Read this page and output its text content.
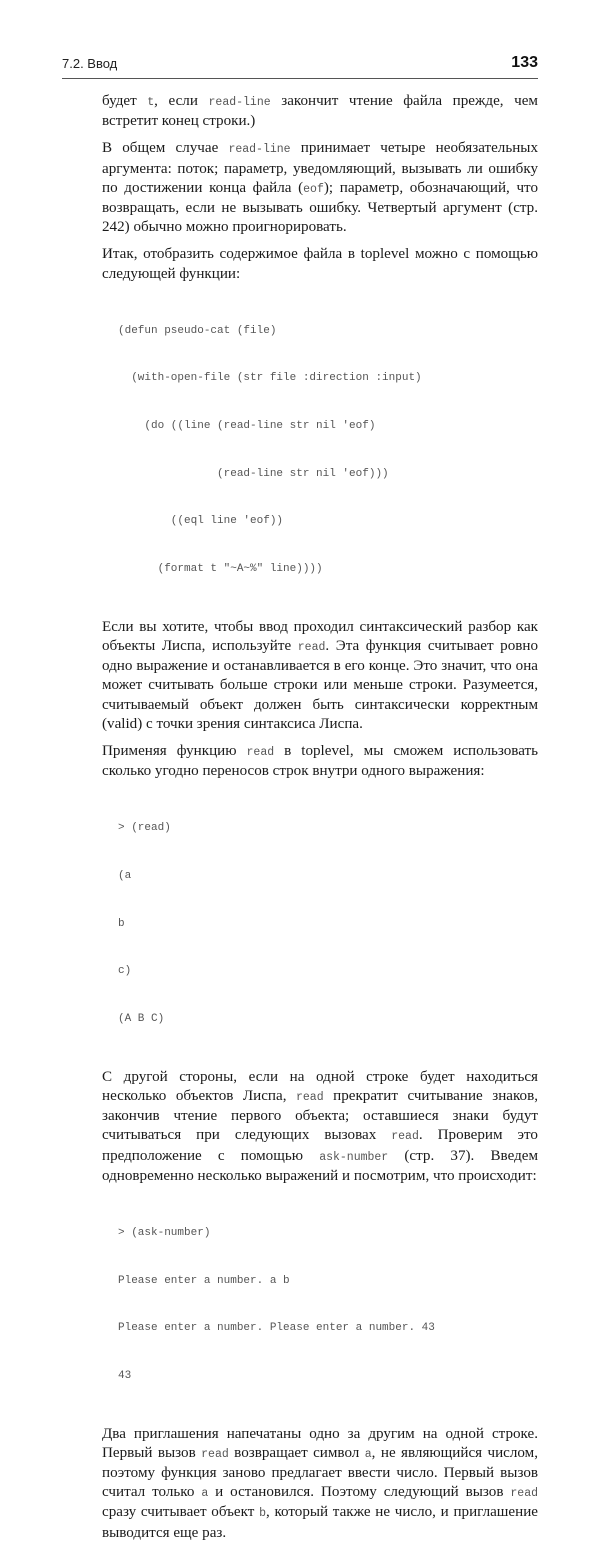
7.2. Ввод	133

будет t, если read-line закончит чтение файла прежде, чем встретит конец строки.)

В общем случае read-line принимает четыре необязательных аргумента: поток; параметр, уведомляющий, вызывать ли ошибку по достижении конца файла (eof); параметр, обозначающий, что возвращать, если не вызывать ошибку. Четвертый аргумент (стр. 242) обычно можно проигнорировать.

Итак, отобразить содержимое файла в toplevel можно с помощью следующей функции:

(defun pseudo-cat (file)

(with-open-file (str file :direction :input)

(do ((line (read-line str nil 'eof)

(read-line str nil 'eof)))

((eql line 'eof))

(format t "~A~%" line))))

Если вы хотите, чтобы ввод проходил синтаксический разбор как объекты Лиспа, используйте read. Эта функция считывает ровно одно выражение и останавливается в его конце. Это значит, что она может считывать больше строки или меньше строки. Разумеется, считываемый объект должен быть синтаксически корректным (valid) с точки зрения синтаксиса Лиспа.

Применяя функцию read в toplevel, мы сможем использовать сколько угодно переносов строк внутри одного выражения:

> (read)

(a

b

c)

(A B C)

С другой стороны, если на одной строке будет находиться несколько объектов Лиспа, read прекратит считывание знаков, закончив чтение первого объекта; оставшиеся знаки будут считываться при следующих вызовах read. Проверим это предположение с помощью ask-number (стр. 37). Введем одновременно несколько выражений и посмотрим, что происходит:

> (ask-number)

Please enter a number. a b

Please enter a number. Please enter a number. 43

43

Два приглашения напечатаны одно за другим на одной строке. Первый вызов read возвращает символ a, не являющийся числом, поэтому функция заново предлагает ввести число. Первый вызов считал только a и остановился. Поэтому следующий вызов read сразу считывает объект b, который также не число, и приглашение выводится еще раз.
